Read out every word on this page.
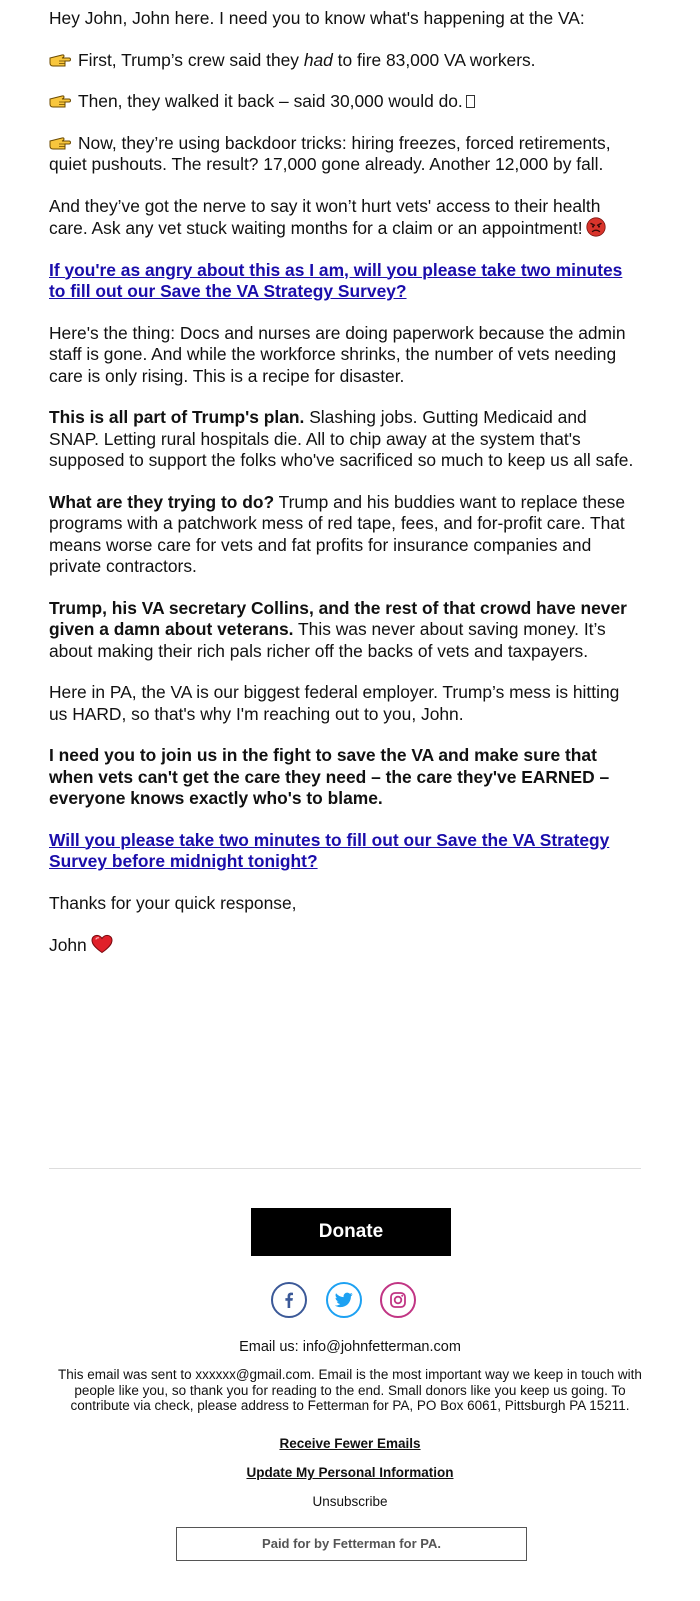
Hey John, John here. I need you to know what's happening at the VA:

First, Trump’s crew said they had to fire 83,000 VA workers.

Then, they walked it back – said 30,000 would do.

Now, they’re using backdoor tricks: hiring freezes, forced retirements, quiet pushouts. The result? 17,000 gone already. Another 12,000 by fall.

And they’ve got the nerve to say it won’t hurt vets' access to their health care. Ask any vet stuck waiting months for a claim or an appointment!

If you're as angry about this as I am, will you please take two minutes to fill out our Save the VA Strategy Survey?

Here's the thing: Docs and nurses are doing paperwork because the admin staff is gone. And while the workforce shrinks, the number of vets needing care is only rising. This is a recipe for disaster.

This is all part of Trump's plan. Slashing jobs. Gutting Medicaid and SNAP. Letting rural hospitals die. All to chip away at the system that's supposed to support the folks who've sacrificed so much to keep us all safe.

What are they trying to do? Trump and his buddies want to replace these programs with a patchwork mess of red tape, fees, and for-profit care. That means worse care for vets and fat profits for insurance companies and private contractors.

Trump, his VA secretary Collins, and the rest of that crowd have never given a damn about veterans. This was never about saving money. It’s about making their rich pals richer off the backs of vets and taxpayers.

Here in PA, the VA is our biggest federal employer. Trump’s mess is hitting us HARD, so that's why I'm reaching out to you, John.

I need you to join us in the fight to save the VA and make sure that when vets can't get the care they need – the care they've EARNED – everyone knows exactly who's to blame.

Will you please take two minutes to fill out our Save the VA Strategy Survey before midnight tonight?

Thanks for your quick response,

John

Donate
Email us: info@johnfetterman.com
This email was sent to xxxxxx@gmail.com. Email is the most important way we keep in touch with people like you, so thank you for reading to the end. Small donors like you keep us going. To contribute via check, please address to Fetterman for PA, PO Box 6061, Pittsburgh PA 15211.
Receive Fewer Emails
Update My Personal Information
Unsubscribe
Paid for by Fetterman for PA.
